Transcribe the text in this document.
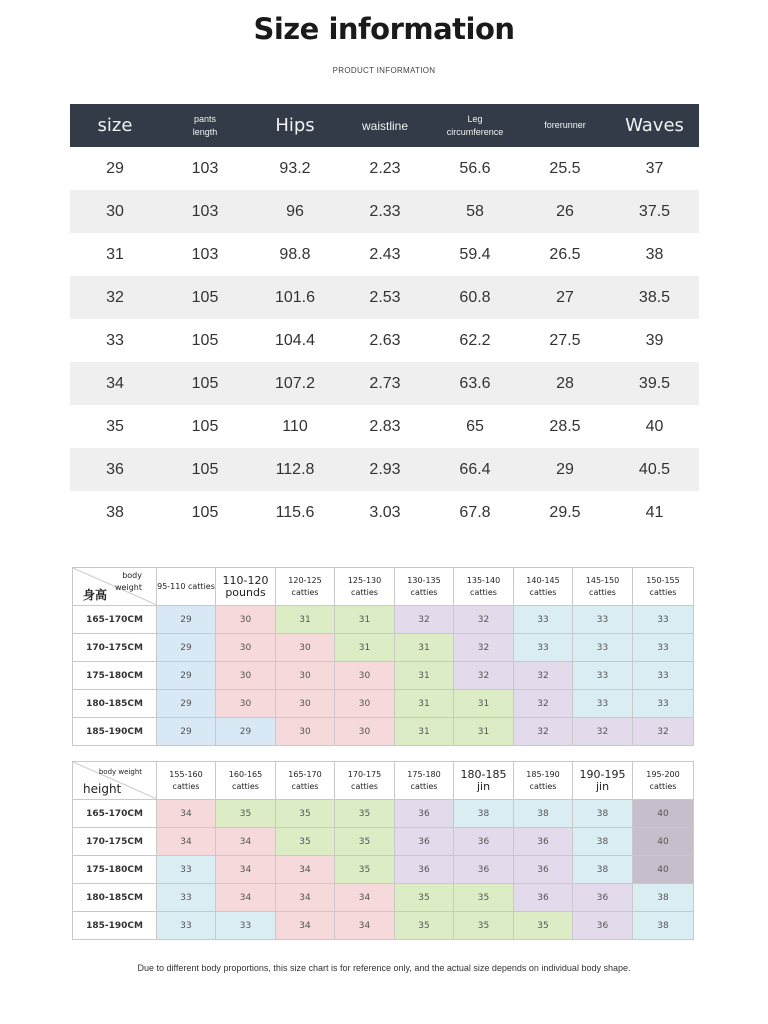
Size information
PRODUCT INFORMATION
size	pants length	Hips	waistline	Leg circumference	forerunner	Waves
29	103	93.2	2.23	56.6	25.5	37
30	103	96	2.33	58	26	37.5
31	103	98.8	2.43	59.4	26.5	38
32	105	101.6	2.53	60.8	27	38.5
33	105	104.4	2.63	62.2	27.5	39
34	105	107.2	2.73	63.6	28	39.5
35	105	110	2.83	65	28.5	40
36	105	112.8	2.93	66.4	29	40.5
38	105	115.6	3.03	67.8	29.5	41
body weight
身高	95-110 catties	110-120 pounds	120-125 catties	125-130 catties	130-135 catties	135-140 catties	140-145 catties	145-150 catties	150-155 catties
165-170CM	29	30	31	31	32	32	33	33	33
170-175CM	29	30	30	31	31	32	33	33	33
175-180CM	29	30	30	30	31	32	32	33	33
180-185CM	29	30	30	30	31	31	32	33	33
185-190CM	29	29	30	30	31	31	32	32	32
body weight
height	155-160 catties	160-165 catties	165-170 catties	170-175 catties	175-180 catties	180-185 jin	185-190 catties	190-195 jin	195-200 catties
165-170CM	34	35	35	35	36	38	38	38	40
170-175CM	34	34	35	35	36	36	36	38	40
175-180CM	33	34	34	35	36	36	36	38	40
180-185CM	33	34	34	34	35	35	36	36	38
185-190CM	33	33	34	34	35	35	35	36	38
Due to different body proportions, this size chart is for reference only, and the actual size depends on individual body shape.
